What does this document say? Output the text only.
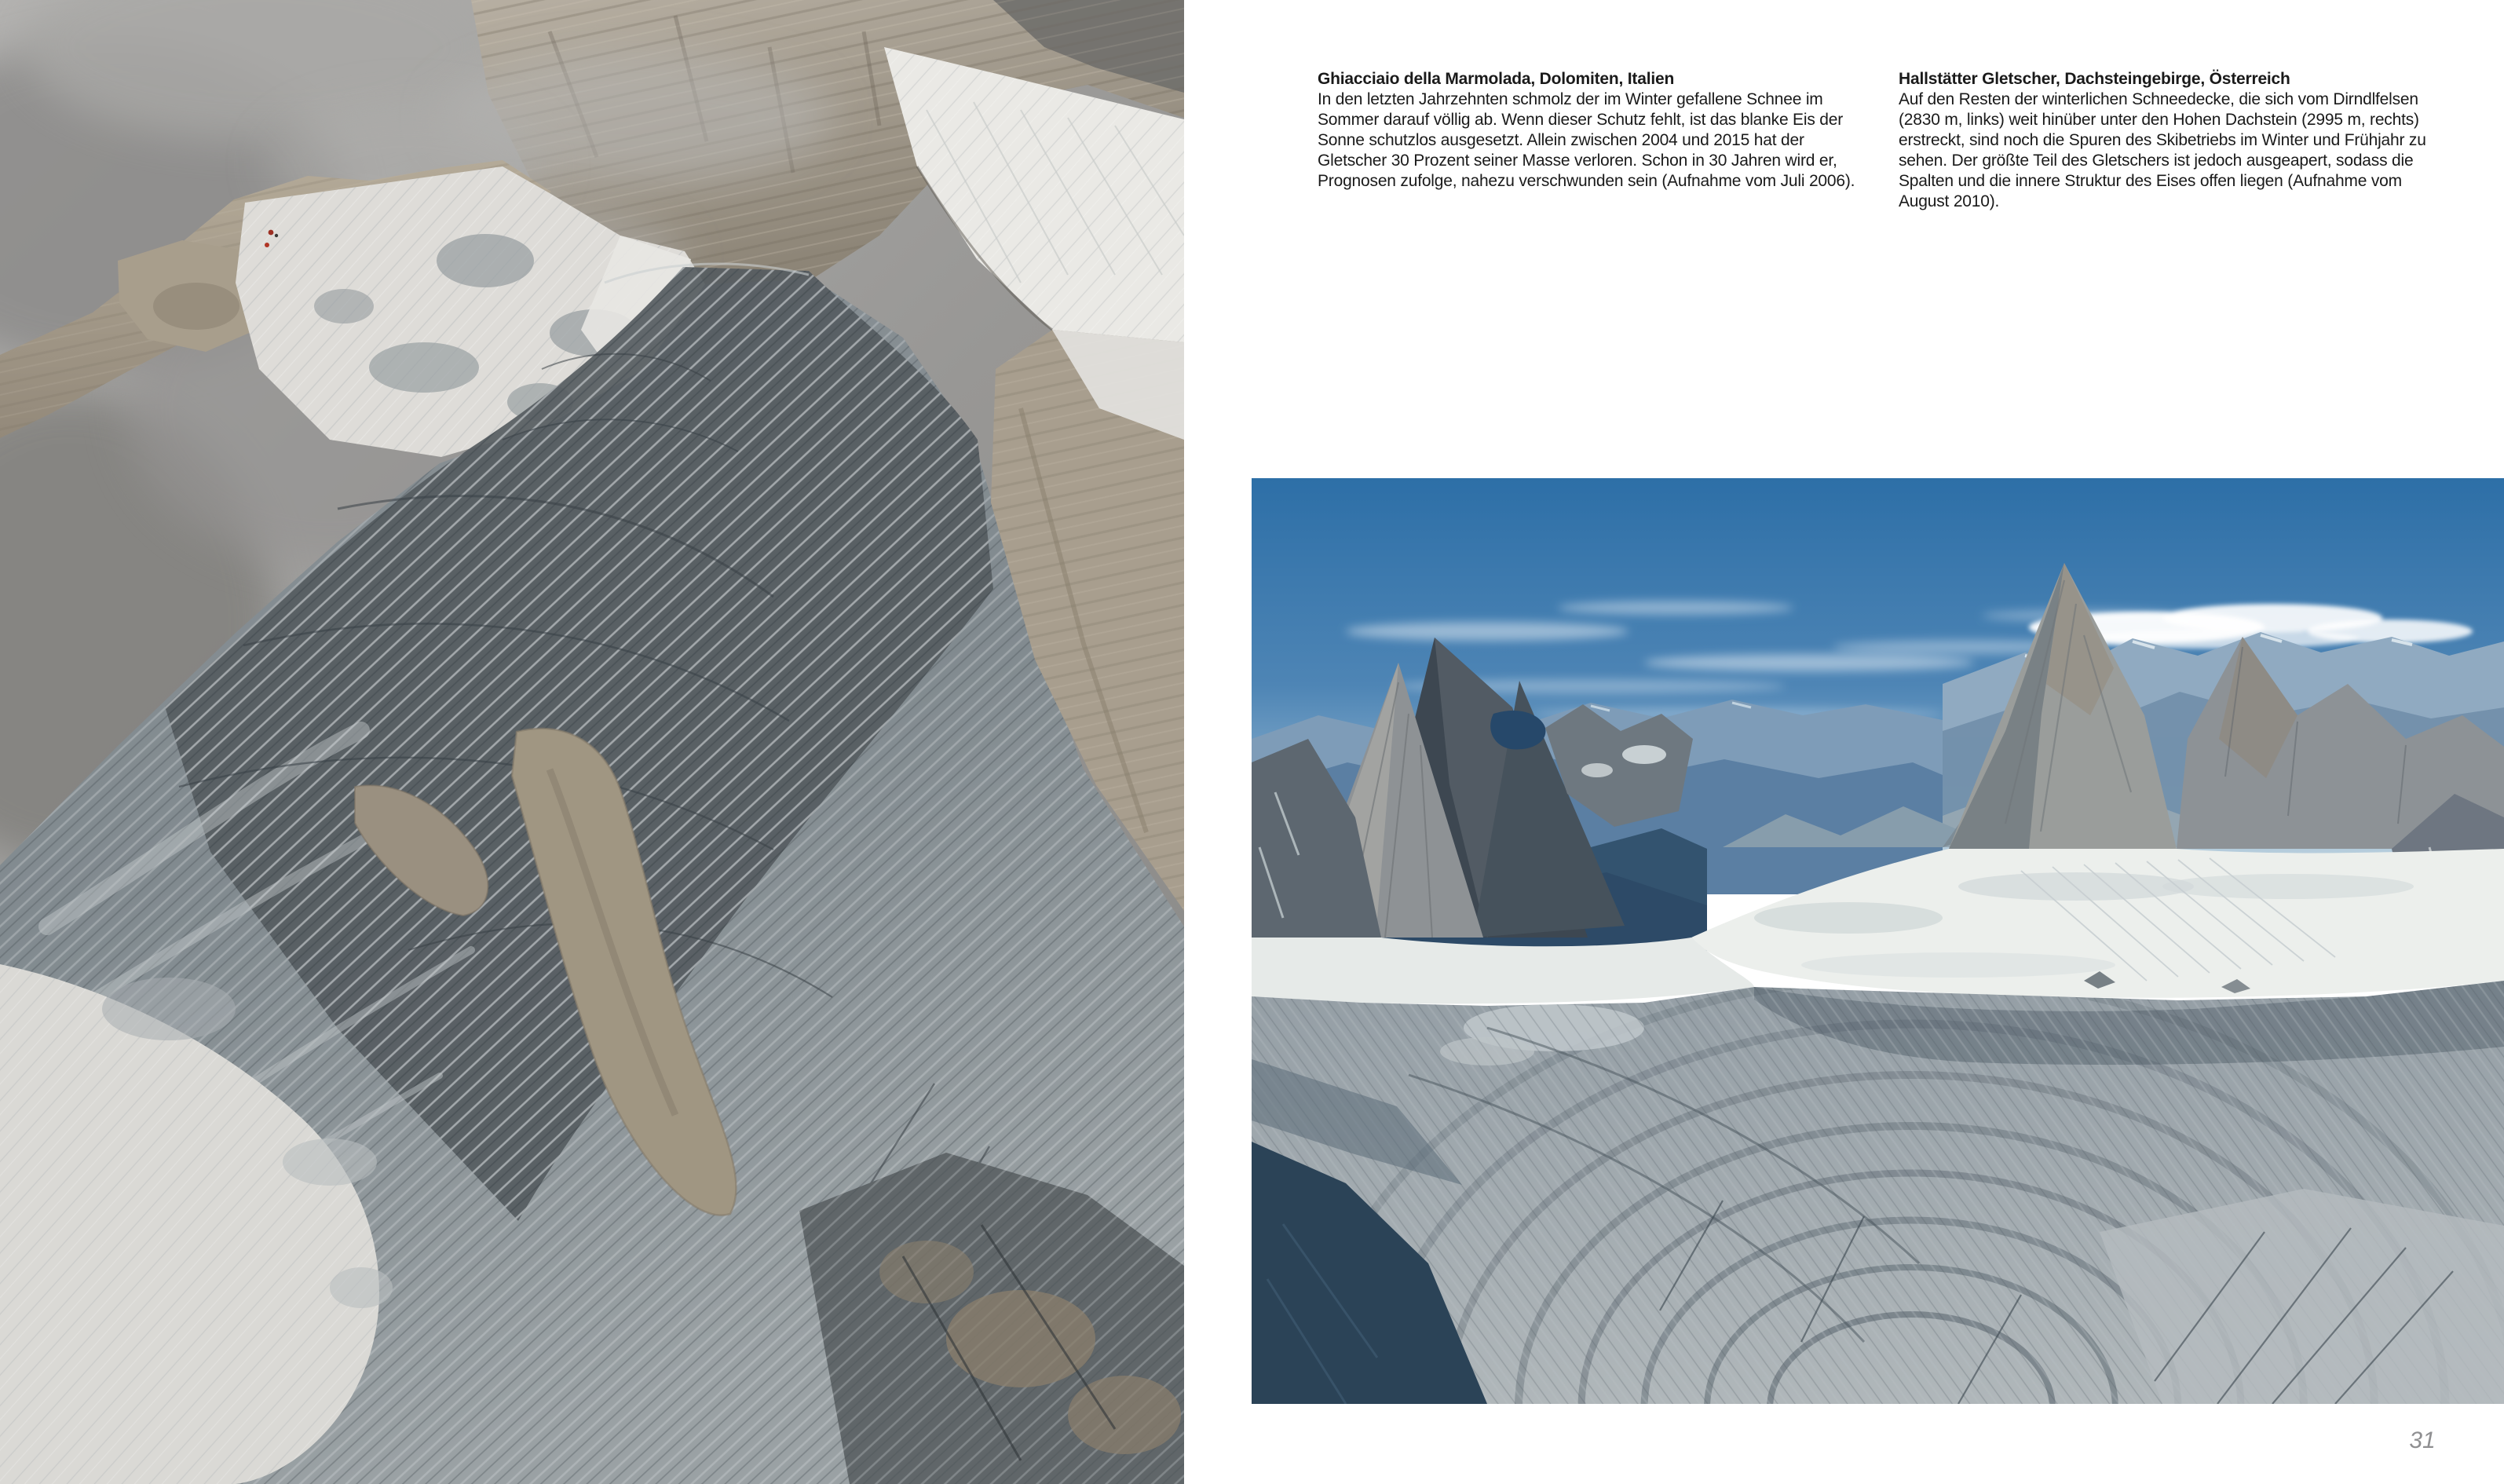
Ghiacciaio della Marmolada, Dolomiten, Italien

In den letzten Jahrzehnten schmolz der im Winter gefallene Schnee im Sommer darauf völlig ab. Wenn dieser Schutz fehlt, ist das blanke Eis der Sonne schutzlos ausgesetzt. Allein zwischen 2004 und 2015 hat der Gletscher 30 Prozent seiner Masse verloren. Schon in 30 Jahren wird er, Prognosen zufolge, nahezu verschwunden sein (Aufnahme vom Juli 2006).

Hallstätter Gletscher, Dachsteingebirge, Österreich

Auf den Resten der winterlichen Schneedecke, die sich vom Dirndlfelsen (2830 m, links) weit hinüber unter den Hohen Dachstein (2995 m, rechts) erstreckt, sind noch die Spuren des Skibetriebs im Winter und Frühjahr zu sehen. Der größte Teil des Gletschers ist jedoch ausgeapert, sodass die Spalten und die innere Struktur des Eises offen liegen (Aufnahme vom August 2010).

31
